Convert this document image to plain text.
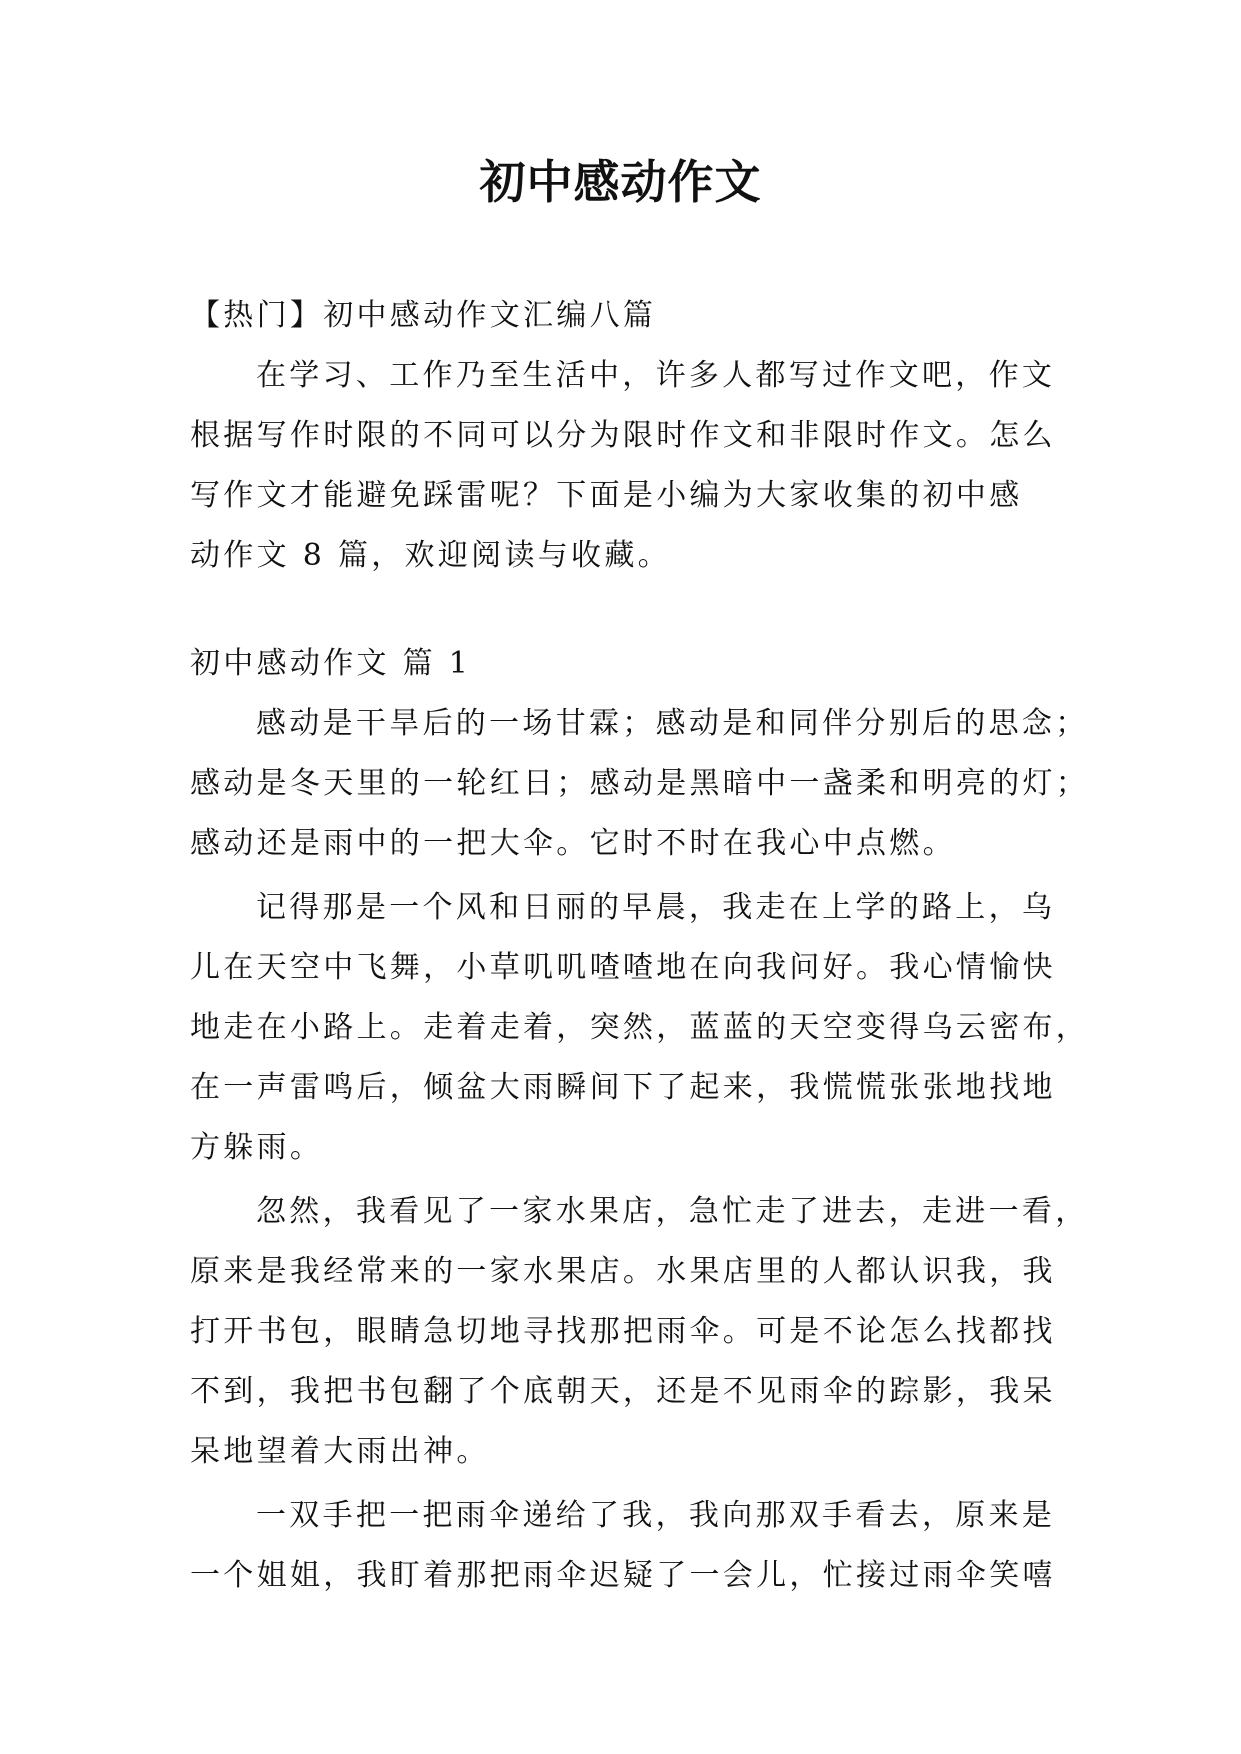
初中感动作文
【热门】初中感动作文汇编八篇
在学习、工作乃至生活中，许多人都写过作文吧，作文
根据写作时限的不同可以分为限时作文和非限时作文。怎么
写作文才能避免踩雷呢？下面是小编为大家收集的初中感
动作文 8 篇，欢迎阅读与收藏。
初中感动作文 篇 1
感动是干旱后的一场甘霖；感动是和同伴分别后的思念；
感动是冬天里的一轮红日；感动是黑暗中一盏柔和明亮的灯；
感动还是雨中的一把大伞。它时不时在我心中点燃。
记得那是一个风和日丽的早晨，我走在上学的路上，乌
儿在天空中飞舞，小草叽叽喳喳地在向我问好。我心情愉快
地走在小路上。走着走着，突然，蓝蓝的天空变得乌云密布，
在一声雷鸣后，倾盆大雨瞬间下了起来，我慌慌张张地找地
方躲雨。
忽然，我看见了一家水果店，急忙走了进去，走进一看，
原来是我经常来的一家水果店。水果店里的人都认识我，我
打开书包，眼睛急切地寻找那把雨伞。可是不论怎么找都找
不到，我把书包翻了个底朝天，还是不见雨伞的踪影，我呆
呆地望着大雨出神。
一双手把一把雨伞递给了我，我向那双手看去，原来是
一个姐姐，我盯着那把雨伞迟疑了一会儿，忙接过雨伞笑嘻
